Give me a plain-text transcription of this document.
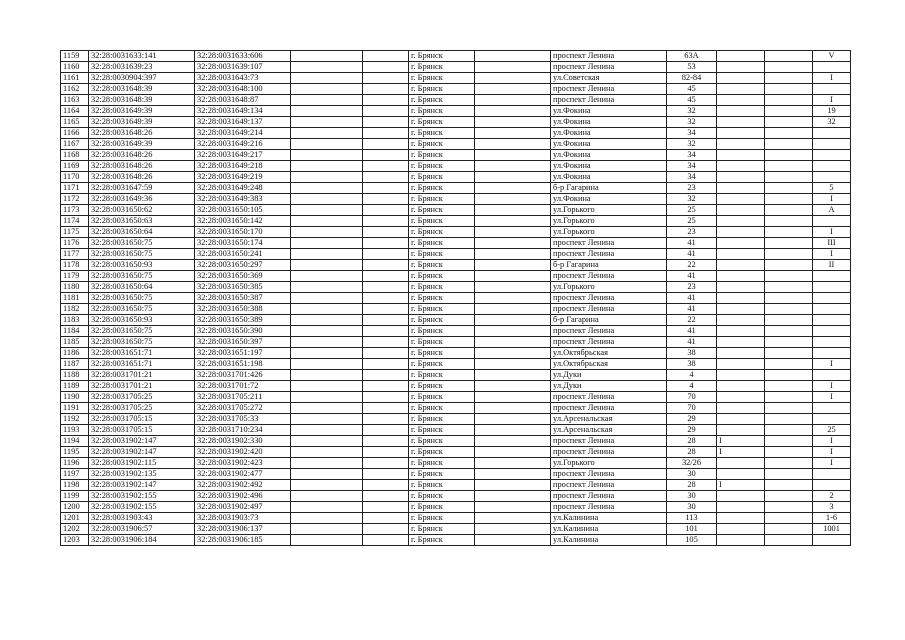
1159	32:28:0031633:141	32:28:0031633:606			г. Брянск		проспект Ленина	63А			V
1160	32:28:0031639:23	32:28:0031639:107			г. Брянск		проспект Ленина	53			
1161	32:28:0030904:397	32:28:0031643:73			г. Брянск		ул.Советская	82-84			I
1162	32:28:0031648:39	32:28:0031648:100			г. Брянск		проспект Ленина	45			
1163	32:28:0031648:39	32:28:0031648:87			г. Брянск		проспект Ленина	45			I
1164	32:28:0031649:39	32:28:0031649:134			г. Брянск		ул.Фокина	32			19
1165	32:28:0031649:39	32:28:0031649:137			г. Брянск		ул.Фокина	32			32
1166	32:28:0031648:26	32:28:0031649:214			г. Брянск		ул.Фокина	34			
1167	32:28:0031649:39	32:28:0031649:216			г. Брянск		ул.Фокина	32			
1168	32:28:0031648:26	32:28:0031649:217			г. Брянск		ул.Фокина	34			
1169	32:28:0031648:26	32:28:0031649:218			г. Брянск		ул.Фокина	34			
1170	32:28:0031648:26	32:28:0031649:219			г. Брянск		ул.Фокина	34			
1171	32:28:0031647:59	32:28:0031649:248			г. Брянск		б-р Гагарина	23			5
1172	32:28:0031649:36	32:28:0031649:383			г. Брянск		ул.Фокина	32			I
1173	32:28:0031650:62	32:28:0031650:105			г. Брянск		ул.Горького	25			А
1174	32:28:0031650:63	32:28:0031650:142			г. Брянск		ул.Горького	25			
1175	32:28:0031650:64	32:28:0031650:170			г. Брянск		ул.Горького	23			I
1176	32:28:0031650:75	32:28:0031650:174			г. Брянск		проспект Ленина	41			III
1177	32:28:0031650:75	32:28:0031650:241			г. Брянск		проспект Ленина	41			I
1178	32:28:0031650:93	32:28:0031650:297			г. Брянск		б-р Гагарина	22			II
1179	32:28:0031650:75	32:28:0031650:369			г. Брянск		проспект Ленина	41			
1180	32:28:0031650:64	32:28:0031650:385			г. Брянск		ул.Горького	23			
1181	32:28:0031650:75	32:28:0031650:387			г. Брянск		проспект Ленина	41			
1182	32:28:0031650:75	32:28:0031650:388			г. Брянск		проспект Ленина	41			
1183	32:28:0031650:93	32:28:0031650:389			г. Брянск		б-р Гагарина	22			
1184	32:28:0031650:75	32:28:0031650:390			г. Брянск		проспект Ленина	41			
1185	32:28:0031650:75	32:28:0031650:397			г. Брянск		проспект Ленина	41			
1186	32:28:0031651:71	32:28:0031651:197			г. Брянск		ул.Октябрьская	38			
1187	32:28:0031651:71	32:28:0031651:198			г. Брянск		ул.Октябрьская	38			I
1188	32:28:0031701:21	32:28:0031701:426			г. Брянск		ул.Дуки	4			
1189	32:28:0031701:21	32:28:0031701:72			г. Брянск		ул.Дуки	4			I
1190	32:28:0031705:25	32:28:0031705:211			г. Брянск		проспект Ленина	70			I
1191	32:28:0031705:25	32:28:0031705:272			г. Брянск		проспект Ленина	70			
1192	32:28:0031705:15	32:28:0031705:33			г. Брянск		ул.Арсенальская	29			
1193	32:28:0031705:15	32:28:0031710:234			г. Брянск		ул.Арсенальская	29			25
1194	32:28:0031902:147	32:28:0031902:330			г. Брянск		проспект Ленина	28	I		I
1195	32:28:0031902:147	32:28:0031902:420			г. Брянск		проспект Ленина	28	I		I
1196	32:28:0031902:115	32:28:0031902:423			г. Брянск		ул.Горького	32/26			I
1197	32:28:0031902:135	32:28:0031902:477			г. Брянск		проспект Ленина	30			
1198	32:28:0031902:147	32:28:0031902:492			г. Брянск		проспект Ленина	28	I		
1199	32:28:0031902:155	32:28:0031902:496			г. Брянск		проспект Ленина	30			2
1200	32:28:0031902:155	32:28:0031902:497			г. Брянск		проспект Ленина	30			3
1201	32:28:0031903:43	32:28:0031903:73			г. Брянск		ул.Калинина	113			1-6
1202	32:28:0031906:57	32:28:0031906:137			г. Брянск		ул.Калинина	101			1001
1203	32:28:0031906:184	32:28:0031906:185			г. Брянск		ул.Калинина	105			
